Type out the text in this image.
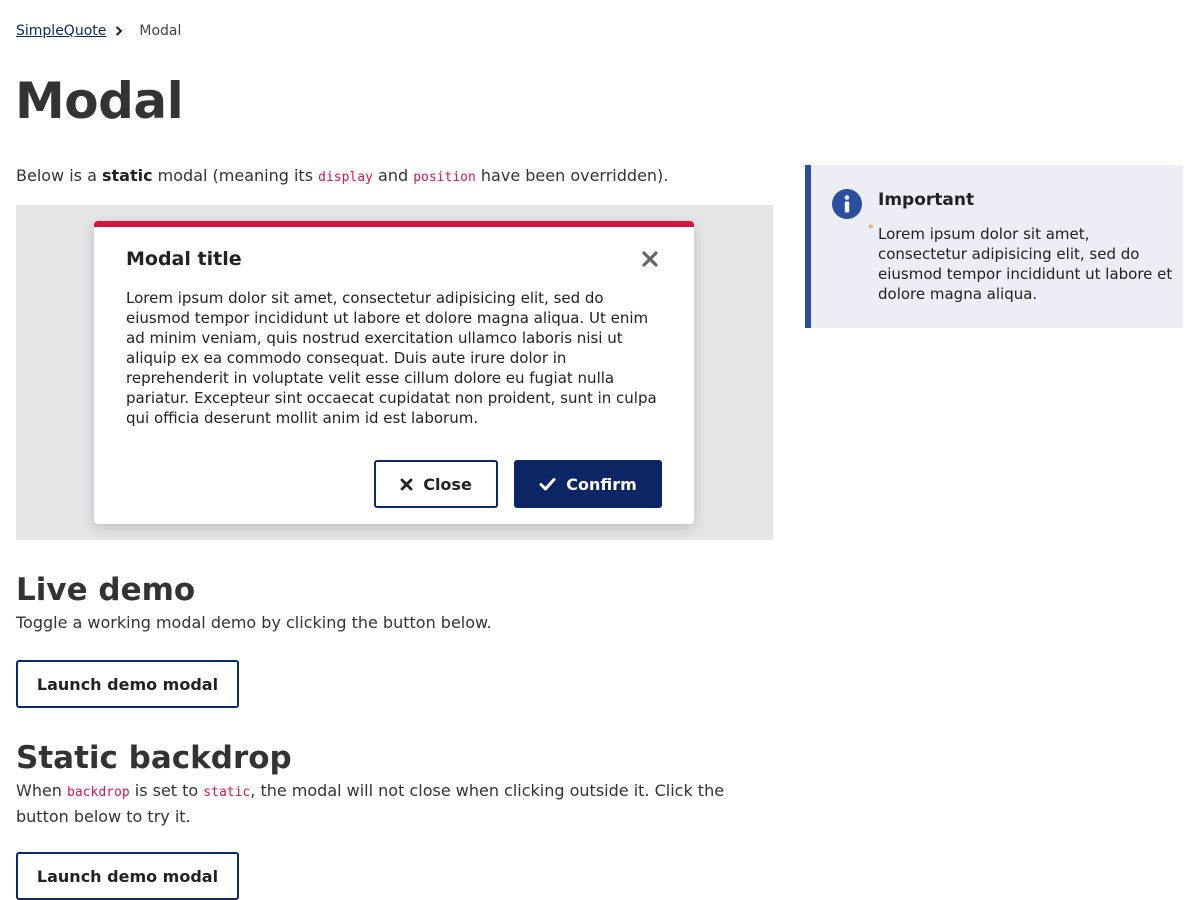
SimpleQuote Modal
Modal

Below is a static modal (meaning its display and position have been overridden).

Modal title
Lorem ipsum dolor sit amet, consectetur adipisicing elit, sed do eiusmod tempor incididunt ut labore et dolore magna aliqua. Ut enim ad minim veniam, quis nostrud exercitation ullamco laboris nisi ut aliquip ex ea commodo consequat. Duis aute irure dolor in reprehenderit in voluptate velit esse cillum dolore eu fugiat nulla pariatur. Excepteur sint occaecat cupidatat non proident, sunt in culpa qui officia deserunt mollit anim id est laborum.
Close	Confirm
Important
* Lorem ipsum dolor sit amet, consectetur adipisicing elit, sed do eiusmod tempor incididunt ut labore et dolore magna aliqua.
Live demo

Toggle a working modal demo by clicking the button below.

Launch demo modal
Static backdrop

When backdrop is set to static, the modal will not close when clicking outside it. Click the button below to try it.

Launch demo modal
